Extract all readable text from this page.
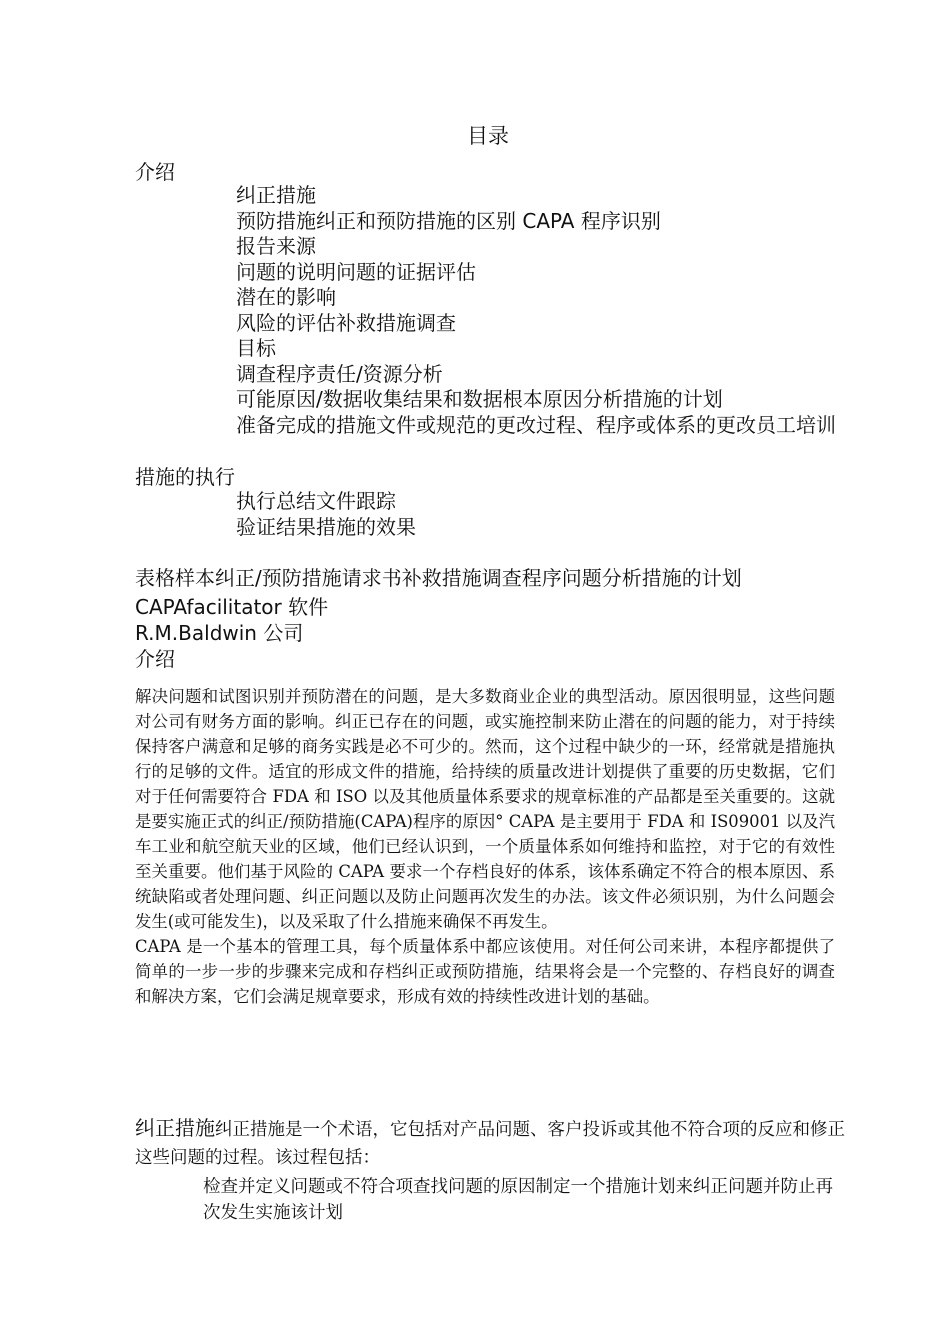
目录
介绍
纠正措施
预防措施纠正和预防措施的区别 CAPA 程序识别
报告来源
问题的说明问题的证据评估
潜在的影响
风险的评估补救措施调查
目标
调查程序责任/资源分析
可能原因/数据收集结果和数据根本原因分析措施的计划
准备完成的措施文件或规范的更改过程、程序或体系的更改员工培训
措施的执行
执行总结文件跟踪
验证结果措施的效果
表格样本纠正/预防措施请求书补救措施调查程序问题分析措施的计划
CAPAfacilitator 软件
R.M.Baldwin 公司
介绍

解决问题和试图识别并预防潜在的问题，是大多数商业企业的典型活动。原因很明显，这些问题对公司有财务方面的影响。纠正已存在的问题，或实施控制来防止潜在的问题的能力，对于持续保持客户满意和足够的商务实践是必不可少的。然而，这个过程中缺少的一环，经常就是措施执行的足够的文件。适宜的形成文件的措施，给持续的质量改进计划提供了重要的历史数据，它们对于任何需要符合 FDA 和 ISO 以及其他质量体系要求的规章标准的产品都是至关重要的。这就是要实施正式的纠正/预防措施(CAPA)程序的原因° CAPA 是主要用于 FDA 和 IS09001 以及汽车工业和航空航天业的区域，他们已经认识到，一个质量体系如何维持和监控，对于它的有效性至关重要。他们基于风险的 CAPA 要求一个存档良好的体系，该体系确定不符合的根本原因、系统缺陷或者处理问题、纠正问题以及防止问题再次发生的办法。该文件必须识别，为什么问题会发生(或可能发生)，以及采取了什么措施来确保不再发生。

CAPA 是一个基本的管理工具，每个质量体系中都应该使用。对任何公司来讲，本程序都提供了简单的一步一步的步骤来完成和存档纠正或预防措施，结果将会是一个完整的、存档良好的调查和解决方案，它们会满足规章要求，形成有效的持续性改进计划的基础。

纠正措施纠正措施是一个术语，它包括对产品问题、客户投诉或其他不符合项的反应和修正这些问题的过程。该过程包括：
检查并定义问题或不符合项查找问题的原因制定一个措施计划来纠正问题并防止再次发生实施该计划
